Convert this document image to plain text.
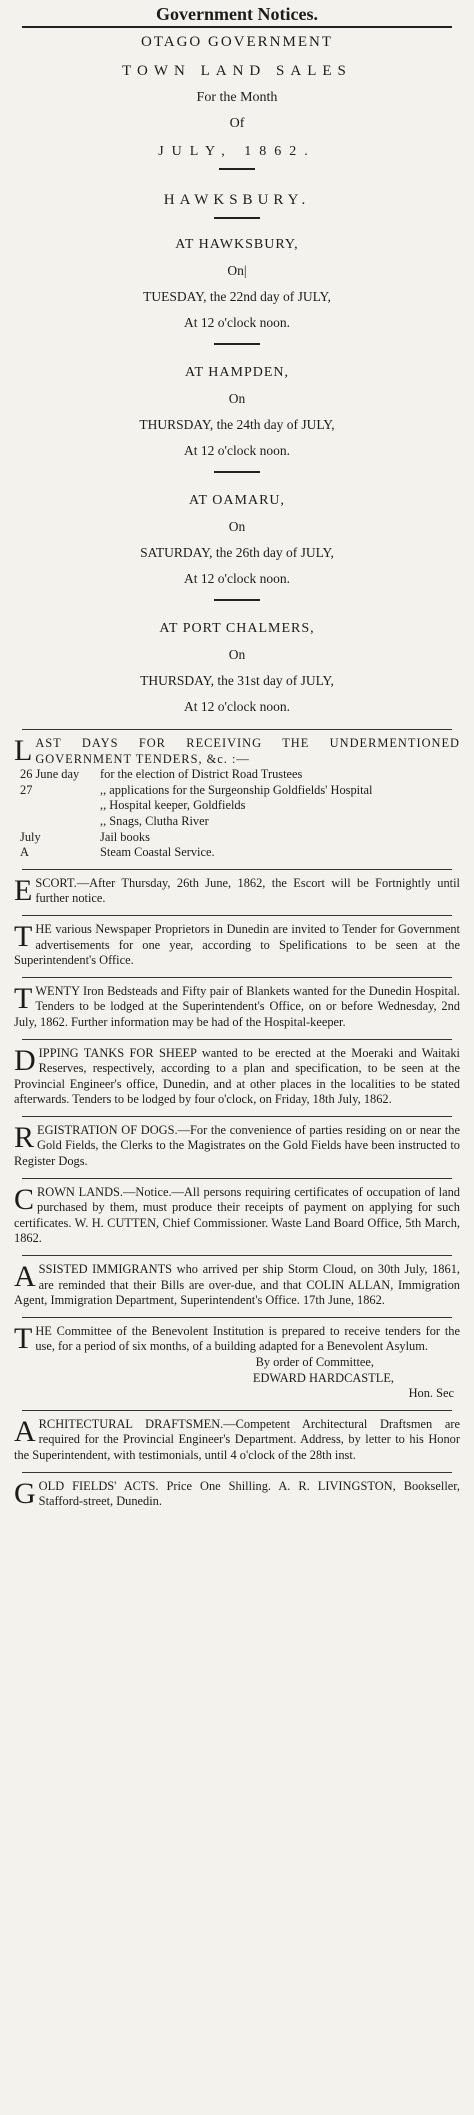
Government Notices.
OTAGO GOVERNMENT
TOWN LAND SALES
For the Month
Of
JULY, 1862.
HAWKSBURY.
AT HAWKSBURY,
On|
TUESDAY, the 22nd day of JULY,
At 12 o'clock noon.
AT HAMPDEN,
On
THURSDAY, the 24th day of JULY,
At 12 o'clock noon.
AT OAMARU,
On
SATURDAY, the 26th day of JULY,
At 12 o'clock noon.
AT PORT CHALMERS,
On
THURSDAY, the 31st day of JULY,
At 12 o'clock noon.
L AST DAYS FOR RECEIVING THE UNDERMENTIONED GOVERNMENT TENDERS, &c. :—
26 June day	for the election of District Road Trustees
27	,, applications for the Surgeonship Goldfields' Hospital
,, Hospital keeper, Goldfields
,, Snags, Clutha River
July	Jail books
A	Steam Coastal Service.
ESCORT.—After Thursday, 26th June, 1862, the Escort will be Fortnightly until further notice.
THE various Newspaper Proprietors in Dunedin are invited to Tender for Government advertisements for one year, according to Spelifications to be seen at the Superintendent's Office.
TWENTY Iron Bedsteads and Fifty pair of Blankets wanted for the Dunedin Hospital. Tenders to be lodged at the Superintendent's Office, on or before Wednesday, 2nd July, 1862. Further information may be had of the Hospital-keeper.
DIPPING TANKS FOR SHEEP wanted to be erected at the Moeraki and Waitaki Reserves, respectively, according to a plan and specification, to be seen at the Provincial Engineer's office, Dunedin, and at other places in the localities to be stated afterwards. Tenders to be lodged by four o'clock, on Friday, 18th July, 1862.
REGISTRATION OF DOGS.—For the convenience of parties residing on or near the Gold Fields, the Clerks to the Magistrates on the Gold Fields have been instructed to Register Dogs.
CROWN LANDS.—Notice.—All persons requiring certificates of occupation of land purchased by them, must produce their receipts of payment on applying for such certificates. W. H. CUTTEN, Chief Commissioner. Waste Land Board Office, 5th March, 1862.
ASSISTED IMMIGRANTS who arrived per ship Storm Cloud, on 30th July, 1861, are reminded that their Bills are over-due, and that COLIN ALLAN, Immigration Agent, Immigration Department, Superintendent's Office. 17th June, 1862.
THE Committee of the Benevolent Institution is prepared to receive tenders for the use, for a period of six months, of a building adapted for a Benevolent Asylum.
By order of Committee,
EDWARD HARDCASTLE,
Hon. Sec
ARCHITECTURAL DRAFTSMEN.—Competent Architectural Draftsmen are required for the Provincial Engineer's Department. Address, by letter to his Honor the Superintendent, with testimonials, until 4 o'clock of the 28th inst.
GOLD FIELDS' ACTS. Price One Shilling. A. R. LIVINGSTON, Bookseller, Stafford-street, Dunedin.
